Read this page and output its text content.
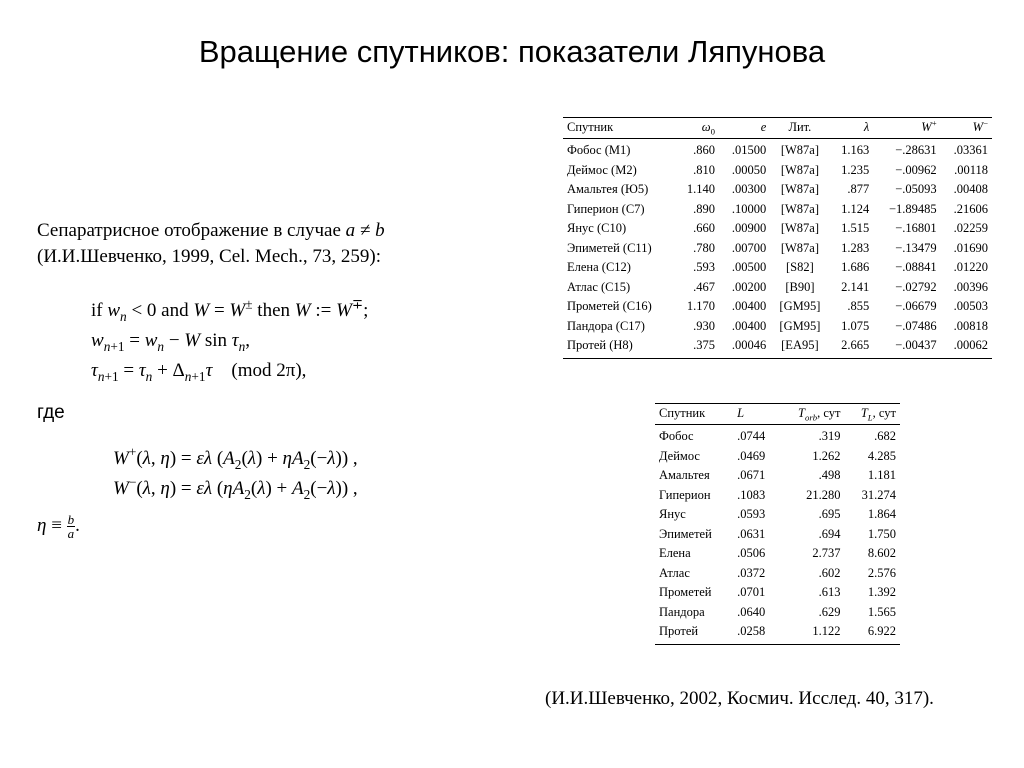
Вращение спутников: показатели Ляпунова
Сепаратрисное отображение в случае a ≠ b
(И.И.Шевченко, 1999, Cel. Mech., 73, 259):
if $w_n < 0$ and W = W± then W := W∓;
$w_{n+1} = w_n - W$ $\sin \tau_n$,
$\tau_{n+1} = \tau_n + \Delta_{n+1}\tau$ (mod 2π),
где
W+(λ, η) = ελ $(A_2(\lambda) + \eta A_2(-\lambda))$ ,
W−(λ, η) = ελ $(\eta A_2(\lambda) + A_2(-\lambda))$ ,
$\eta \equiv \frac{b}{a}$ .
Спутник	$\omega_0$	e	Лит.	λ	W+	W−
Фобос (M1)	.860	.01500	[W87a]	1.163	−.28631	.03361
Деймос (M2)	.810	.00050	[W87a]	1.235	−.00962	.00118
Амальтея (Ю5)	1.140	.00300	[W87a]	.877	−.05093	.00408
Гиперион (C7)	.890	.10000	[W87a]	1.124	−1.89485	.21606
Янус (C10)	.660	.00900	[W87a]	1.515	−.16801	.02259
Эпиметей (C11)	.780	.00700	[W87a]	1.283	−.13479	.01690
Елена (C12)	.593	.00500	[S82]	1.686	−.08841	.01220
Атлас (C15)	.467	.00200	[B90]	2.141	−.02792	.00396
Прометей (C16)	1.170	.00400	[GM95]	.855	−.06679	.00503
Пандора (C17)	.930	.00400	[GM95]	1.075	−.07486	.00818
Протей (H8)	.375	.00046	[EA95]	2.665	−.00437	.00062
Спутник	L	$T_{orb}$, сут	$T_L$, сут
Фобос	.0744	.319	.682
Деймос	.0469	1.262	4.285
Амальтея	.0671	.498	1.181
Гиперион	.1083	21.280	31.274
Янус	.0593	.695	1.864
Эпиметей	.0631	.694	1.750
Елена	.0506	2.737	8.602
Атлас	.0372	.602	2.576
Прометей	.0701	.613	1.392
Пандора	.0640	.629	1.565
Протей	.0258	1.122	6.922
(И.И.Шевченко, 2002, Космич. Исслед. 40, 317).
